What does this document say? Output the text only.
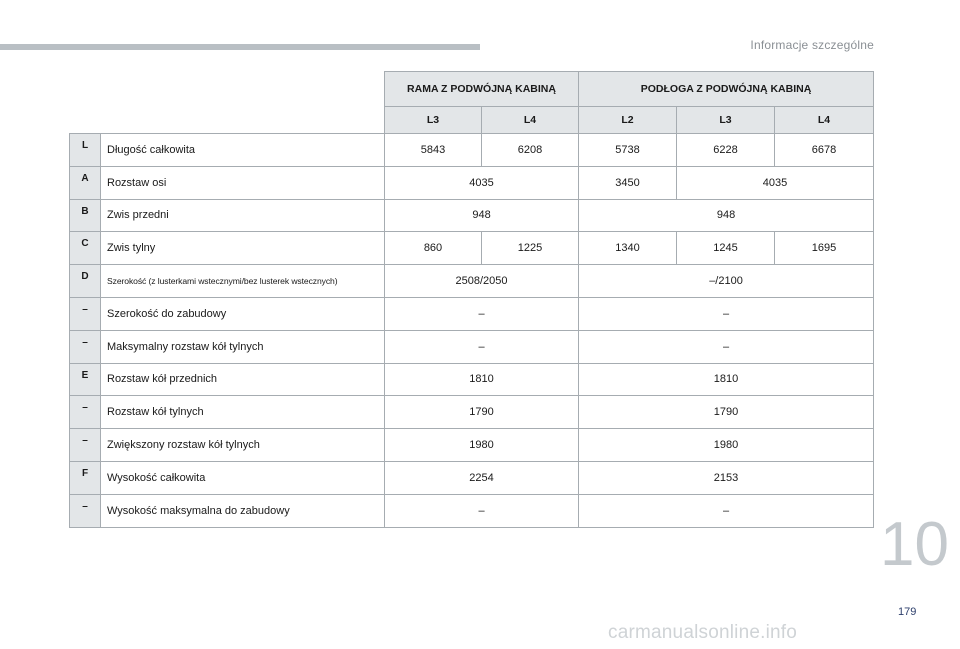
Informacje szczególne
		RAMA Z PODWÓJNĄ KABINĄ		PODŁOGA Z PODWÓJNĄ KABINĄ		
		L3	L4	L2	L3	L4
L	Długość całkowita	5843	6208	5738	6228	6678
A	Rozstaw osi	4035		3450	4035	
B	Zwis przedni	948		948		
C	Zwis tylny	860	1225	1340	1245	1695
D	Szerokość (z lusterkami wstecznymi/bez lusterek wstecznych)	2508/2050		–/2100		
–	Szerokość do zabudowy	–		–		
–	Maksymalny rozstaw kół tylnych	–		–		
E	Rozstaw kół przednich	1810		1810		
–	Rozstaw kół tylnych	1790		1790		
–	Zwiększony rozstaw kół tylnych	1980		1980		
F	Wysokość całkowita	2254		2153		
–	Wysokość maksymalna do zabudowy	–		–		10
179
carmanualsonline.info
